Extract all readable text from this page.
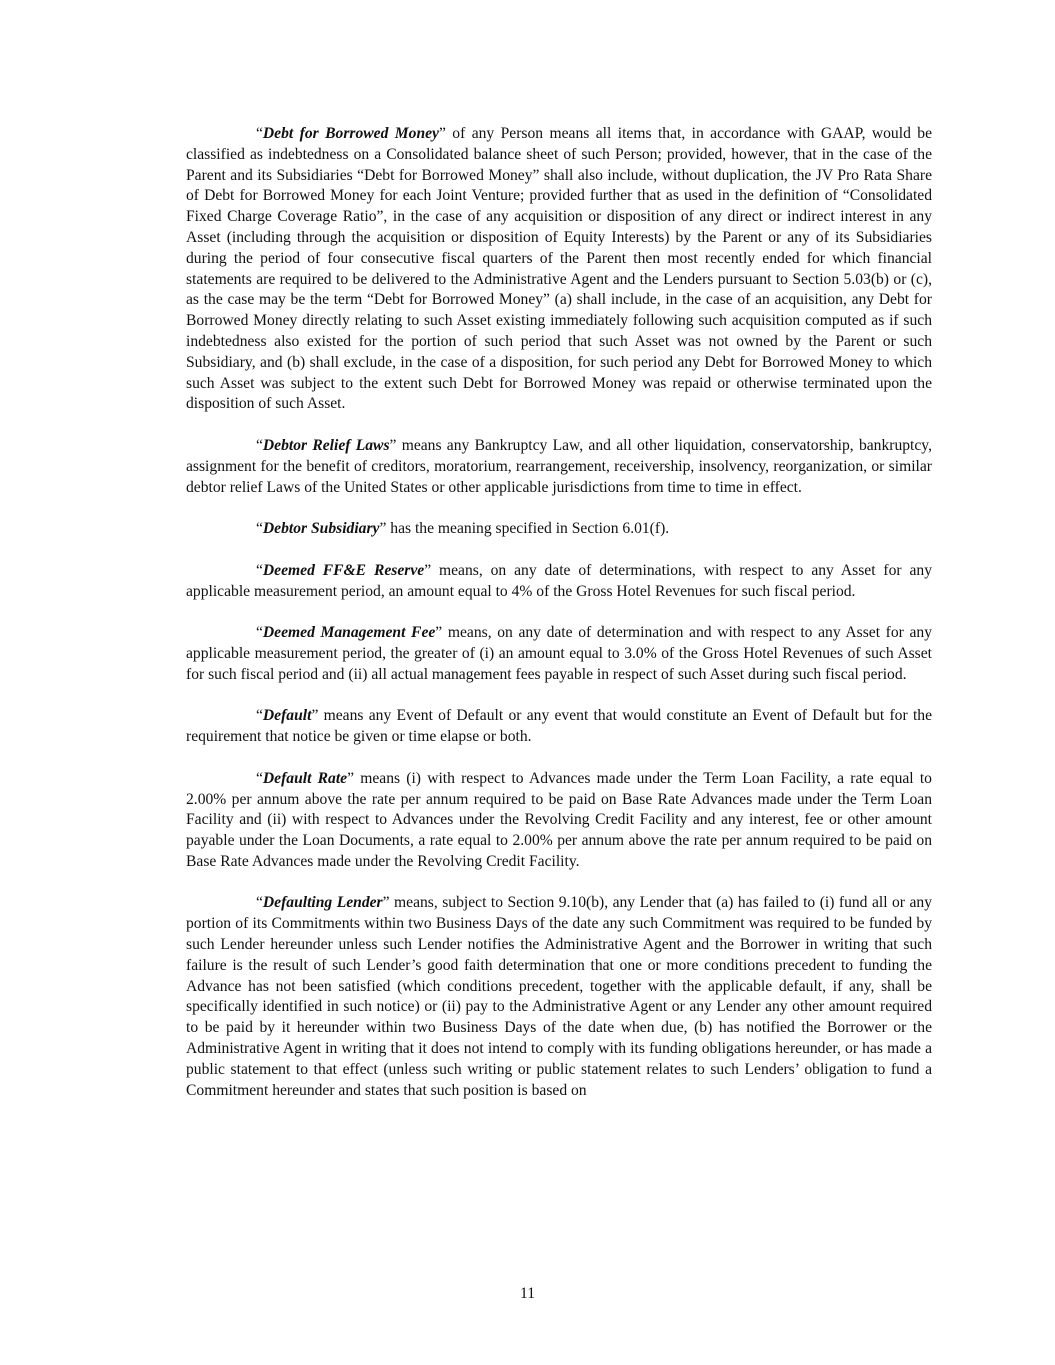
“Debt for Borrowed Money” of any Person means all items that, in accordance with GAAP, would be classified as indebtedness on a Consolidated balance sheet of such Person; provided, however, that in the case of the Parent and its Subsidiaries “Debt for Borrowed Money” shall also include, without duplication, the JV Pro Rata Share of Debt for Borrowed Money for each Joint Venture; provided further that as used in the definition of “Consolidated Fixed Charge Coverage Ratio”, in the case of any acquisition or disposition of any direct or indirect interest in any Asset (including through the acquisition or disposition of Equity Interests) by the Parent or any of its Subsidiaries during the period of four consecutive fiscal quarters of the Parent then most recently ended for which financial statements are required to be delivered to the Administrative Agent and the Lenders pursuant to Section 5.03(b) or (c), as the case may be the term “Debt for Borrowed Money” (a) shall include, in the case of an acquisition, any Debt for Borrowed Money directly relating to such Asset existing immediately following such acquisition computed as if such indebtedness also existed for the portion of such period that such Asset was not owned by the Parent or such Subsidiary, and (b) shall exclude, in the case of a disposition, for such period any Debt for Borrowed Money to which such Asset was subject to the extent such Debt for Borrowed Money was repaid or otherwise terminated upon the disposition of such Asset.

“Debtor Relief Laws” means any Bankruptcy Law, and all other liquidation, conservatorship, bankruptcy, assignment for the benefit of creditors, moratorium, rearrangement, receivership, insolvency, reorganization, or similar debtor relief Laws of the United States or other applicable jurisdictions from time to time in effect.

“Debtor Subsidiary” has the meaning specified in Section 6.01(f).

“Deemed FF&E Reserve” means, on any date of determinations, with respect to any Asset for any applicable measurement period, an amount equal to 4% of the Gross Hotel Revenues for such fiscal period.

“Deemed Management Fee” means, on any date of determination and with respect to any Asset for any applicable measurement period, the greater of (i) an amount equal to 3.0% of the Gross Hotel Revenues of such Asset for such fiscal period and (ii) all actual management fees payable in respect of such Asset during such fiscal period.

“Default” means any Event of Default or any event that would constitute an Event of Default but for the requirement that notice be given or time elapse or both.

“Default Rate” means (i) with respect to Advances made under the Term Loan Facility, a rate equal to 2.00% per annum above the rate per annum required to be paid on Base Rate Advances made under the Term Loan Facility and (ii) with respect to Advances under the Revolving Credit Facility and any interest, fee or other amount payable under the Loan Documents, a rate equal to 2.00% per annum above the rate per annum required to be paid on Base Rate Advances made under the Revolving Credit Facility.

“Defaulting Lender” means, subject to Section 9.10(b), any Lender that (a) has failed to (i) fund all or any portion of its Commitments within two Business Days of the date any such Commitment was required to be funded by such Lender hereunder unless such Lender notifies the Administrative Agent and the Borrower in writing that such failure is the result of such Lender’s good faith determination that one or more conditions precedent to funding the Advance has not been satisfied (which conditions precedent, together with the applicable default, if any, shall be specifically identified in such notice) or (ii) pay to the Administrative Agent or any Lender any other amount required to be paid by it hereunder within two Business Days of the date when due, (b) has notified the Borrower or the Administrative Agent in writing that it does not intend to comply with its funding obligations hereunder, or has made a public statement to that effect (unless such writing or public statement relates to such Lenders’ obligation to fund a Commitment hereunder and states that such position is based on

11
